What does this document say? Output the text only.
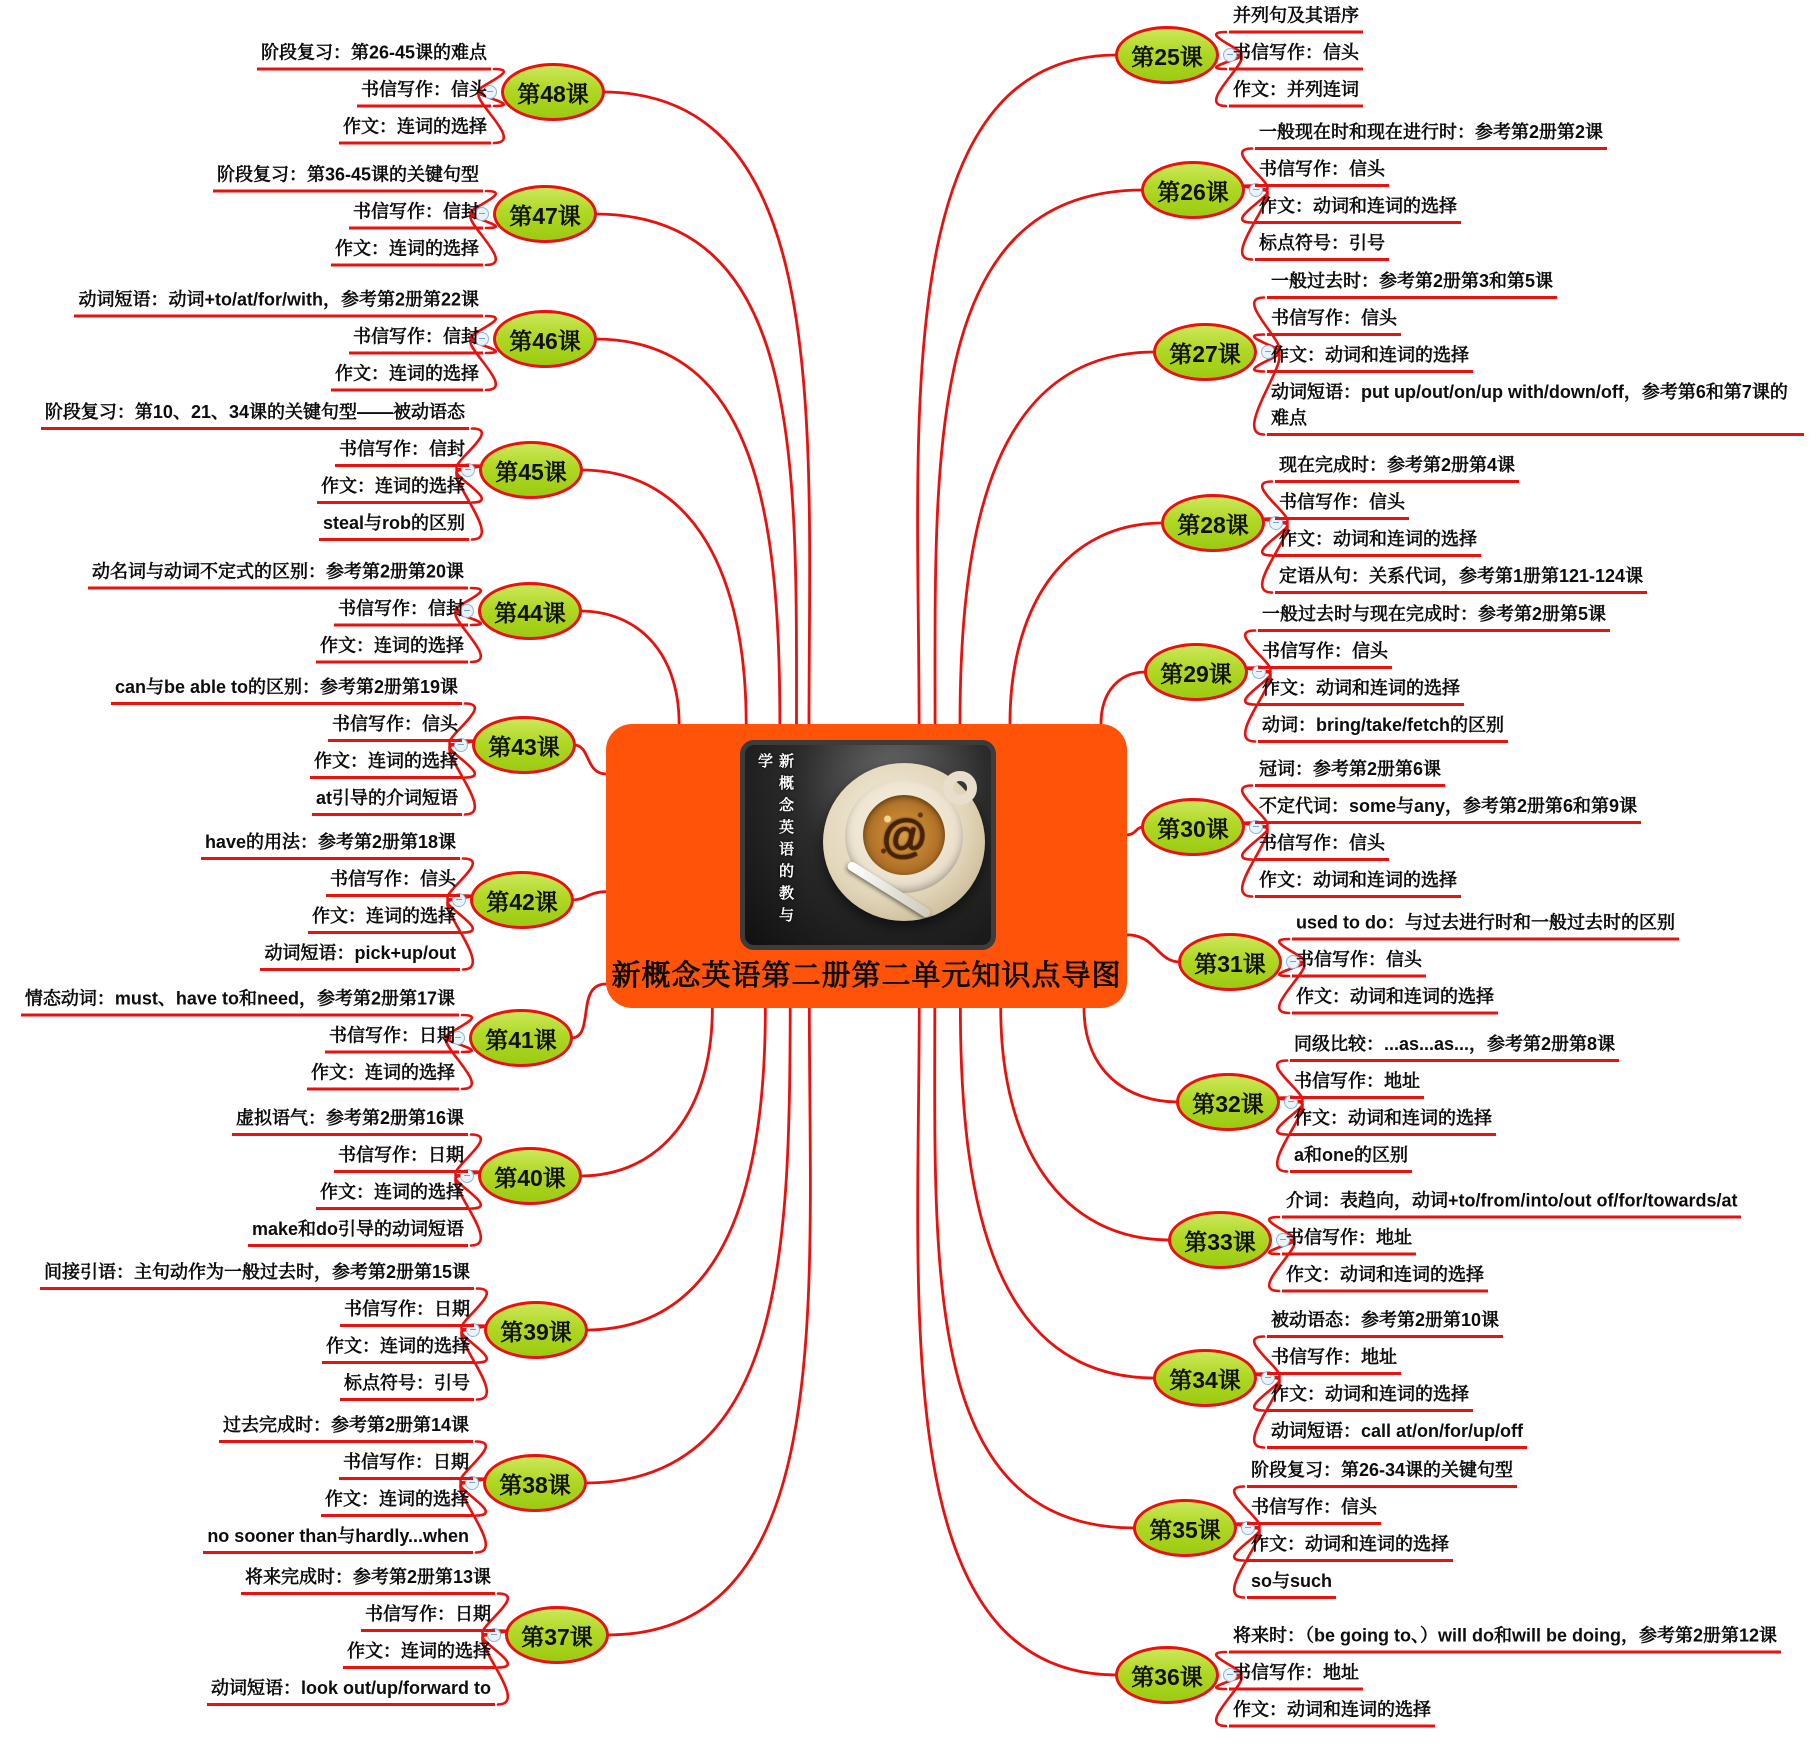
新概念英语的教与学
@
新概念英语第二册第二单元知识点导图
第25课
并列句及其语序
书信写作：信头
作文：并列连词
第26课
一般现在时和现在进行时：参考第2册第2课
书信写作：信头
作文：动词和连词的选择
标点符号：引号
第27课
一般过去时：参考第2册第3和第5课
书信写作：信头
作文：动词和连词的选择
动词短语：put up/out/on/up with/down/off，参考第6和第7课的难点
第28课
现在完成时：参考第2册第4课
书信写作：信头
作文：动词和连词的选择
定语从句：关系代词，参考第1册第121-124课
第29课
一般过去时与现在完成时：参考第2册第5课
书信写作：信头
作文：动词和连词的选择
动词：bring/take/fetch的区别
第30课
冠词：参考第2册第6课
不定代词：some与any，参考第2册第6和第9课
书信写作：信头
作文：动词和连词的选择
第31课
used to do：与过去进行时和一般过去时的区别
书信写作：信头
作文：动词和连词的选择
第32课
同级比较：...as...as...，参考第2册第8课
书信写作：地址
作文：动词和连词的选择
a和one的区别
第33课
介词：表趋向，动词+to/from/into/out of/for/towards/at
书信写作：地址
作文：动词和连词的选择
第34课
被动语态：参考第2册第10课
书信写作：地址
作文：动词和连词的选择
动词短语：call at/on/for/up/off
第35课
阶段复习：第26-34课的关键句型
书信写作：信头
作文：动词和连词的选择
so与such
第36课
将来时：（be going to、）will do和will be doing，参考第2册第12课
书信写作：地址
作文：动词和连词的选择
第37课
将来完成时：参考第2册第13课
书信写作：日期
作文：连词的选择
动词短语：look out/up/forward to
第38课
过去完成时：参考第2册第14课
书信写作：日期
作文：连词的选择
no sooner than与hardly...when
第39课
间接引语：主句动作为一般过去时，参考第2册第15课
书信写作：日期
作文：连词的选择
标点符号：引号
第40课
虚拟语气：参考第2册第16课
书信写作：日期
作文：连词的选择
make和do引导的动词短语
第41课
情态动词：must、have to和need，参考第2册第17课
书信写作：日期
作文：连词的选择
第42课
have的用法：参考第2册第18课
书信写作：信头
作文：连词的选择
动词短语：pick+up/out
第43课
can与be able to的区别：参考第2册第19课
书信写作：信头
作文：连词的选择
at引导的介词短语
第44课
动名词与动词不定式的区别：参考第2册第20课
书信写作：信封
作文：连词的选择
第45课
阶段复习：第10、21、34课的关键句型——被动语态
书信写作：信封
作文：连词的选择
steal与rob的区别
第46课
动词短语：动词+to/at/for/with，参考第2册第22课
书信写作：信封
作文：连词的选择
第47课
阶段复习：第36-45课的关键句型
书信写作：信封
作文：连词的选择
第48课
阶段复习：第26-45课的难点
书信写作：信头
作文：连词的选择
